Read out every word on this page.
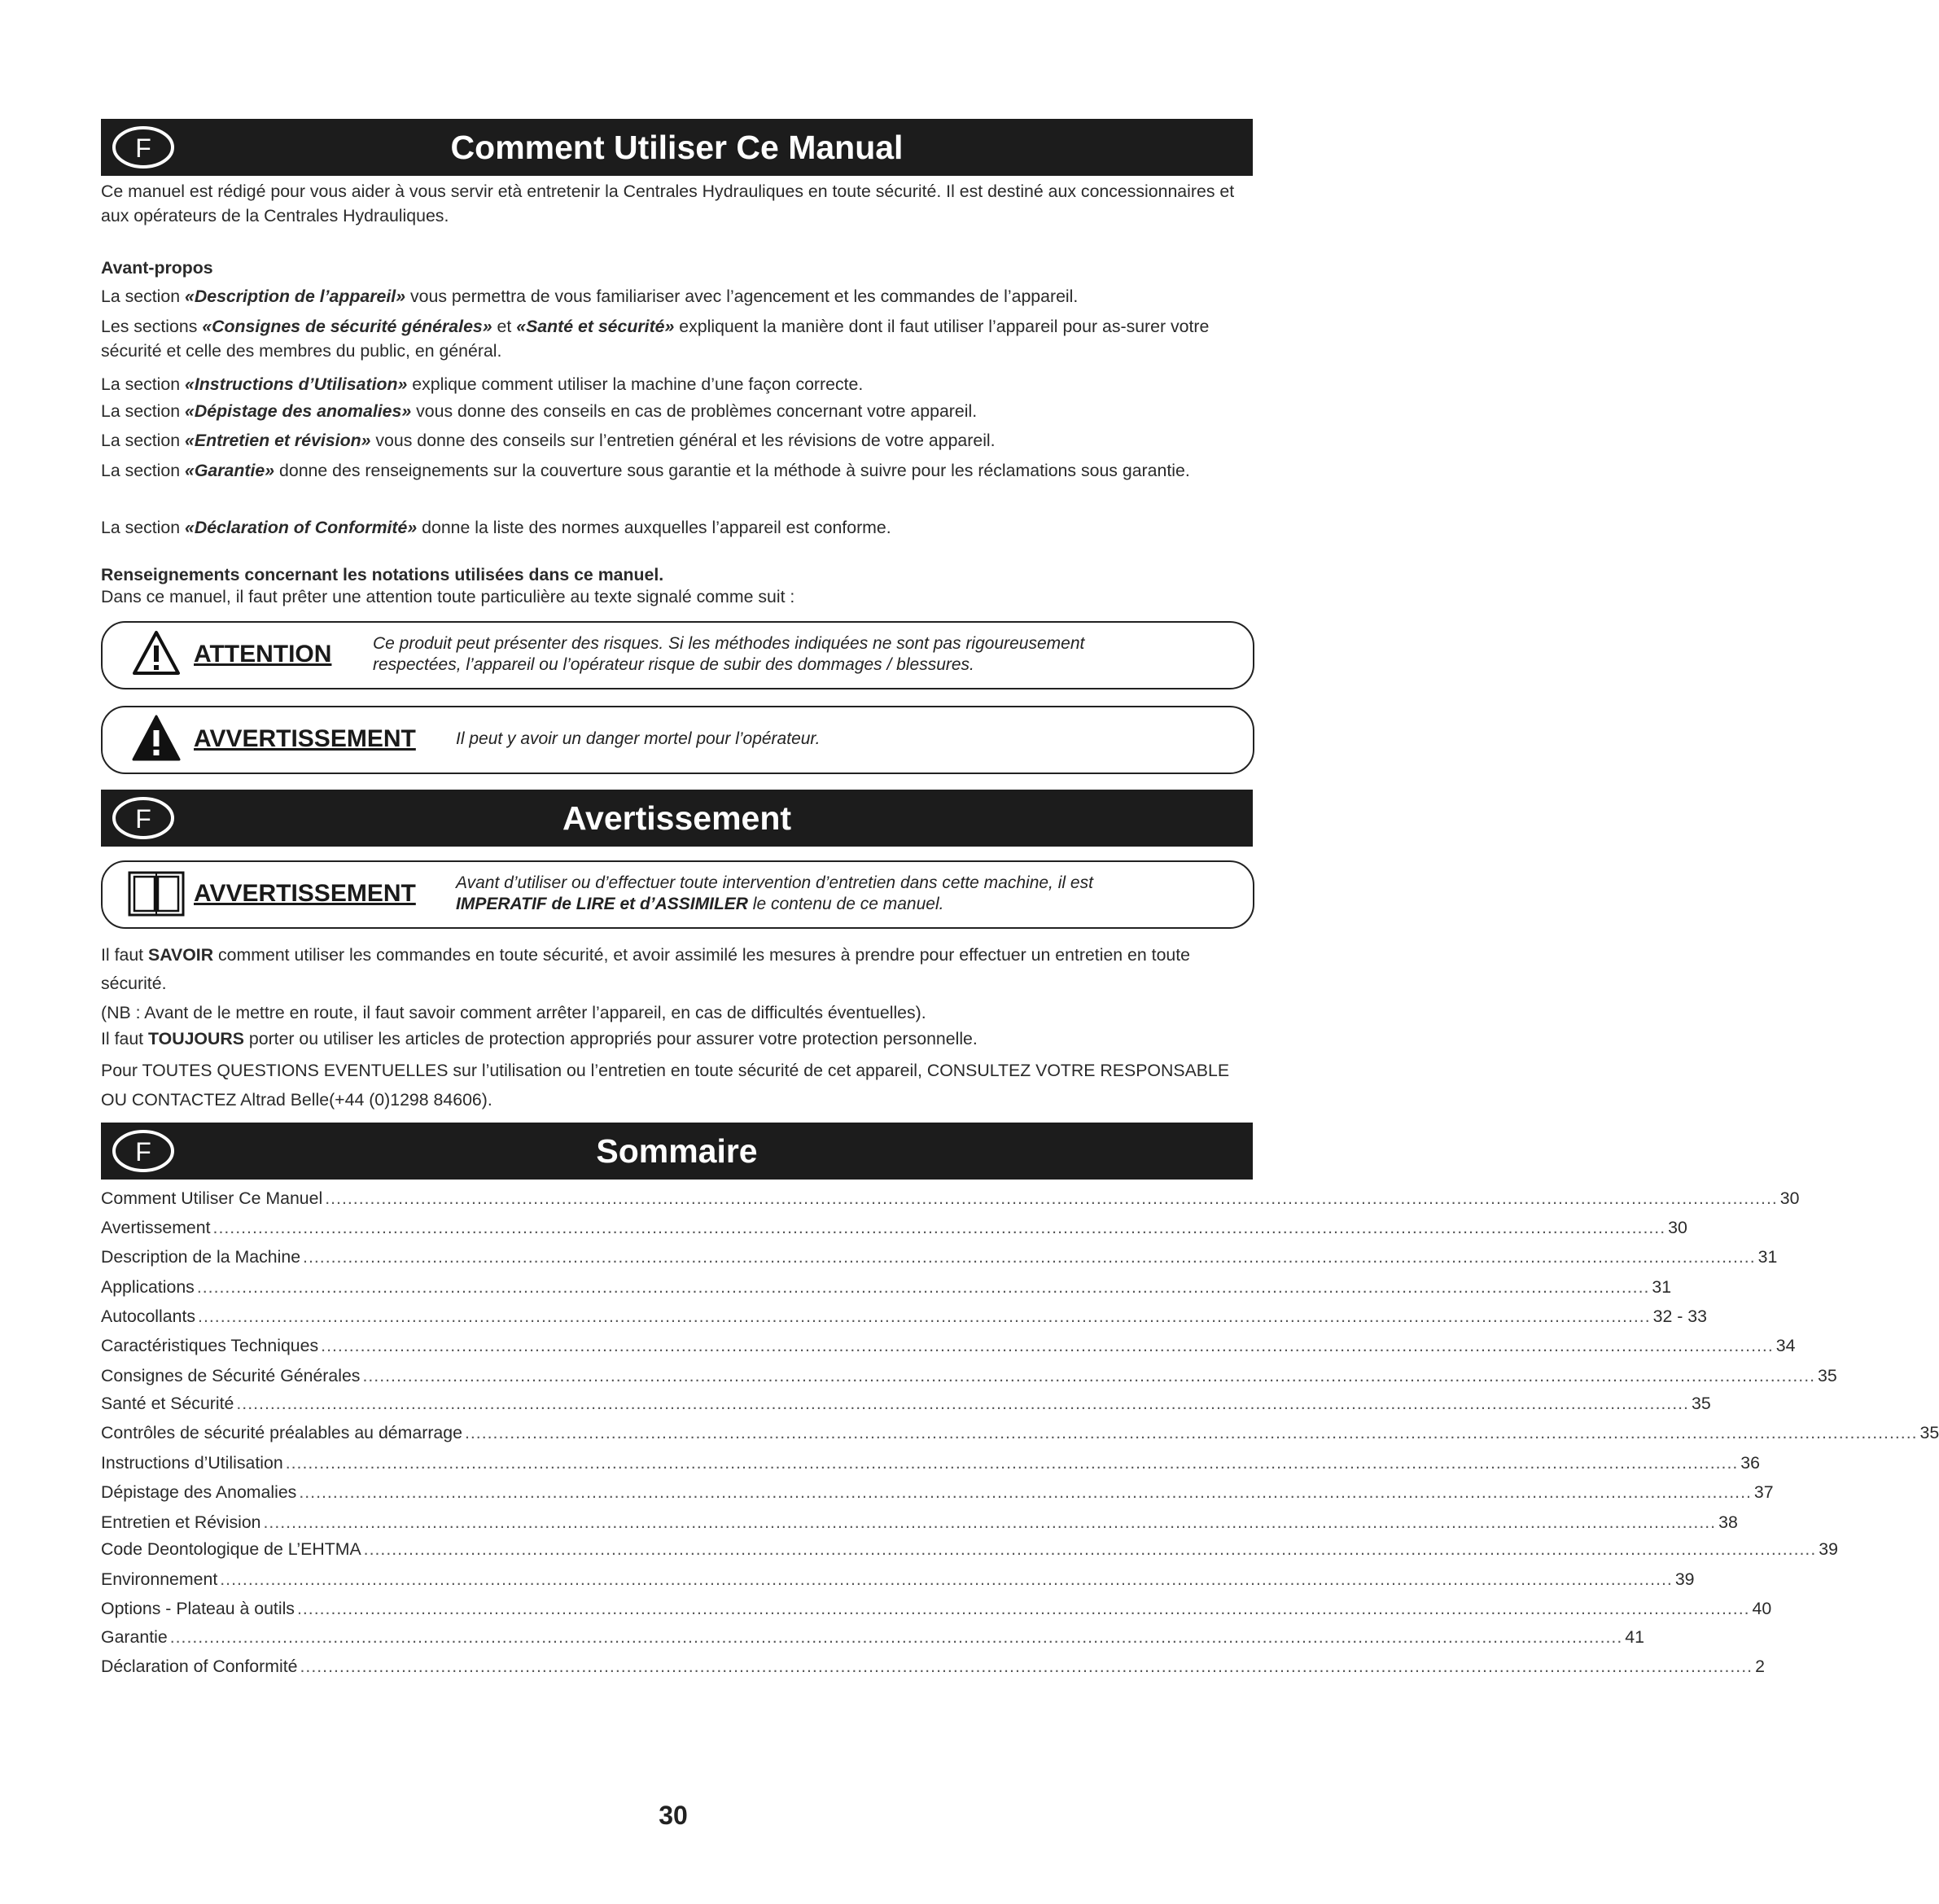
F	Comment Utiliser Ce Manual

Ce manuel est rédigé pour vous aider à vous servir età entretenir la Centrales Hydrauliques en toute sécurité. Il est destiné aux concessionnaires et aux opérateurs de la Centrales Hydrauliques.

Avant-propos

La section «Description de l’appareil» vous permettra de vous familiariser avec l’agencement et les commandes de l’appareil.

Les sections «Consignes de sécurité générales» et «Santé et sécurité» expliquent la manière dont il faut utiliser l’appareil pour as-surer votre sécurité et celle des membres du public, en général.

La section «Instructions d’Utilisation» explique comment utiliser la machine d’une façon correcte.

La section «Dépistage des anomalies» vous donne des conseils en cas de problèmes concernant votre appareil.

La section «Entretien et révision» vous donne des conseils sur l’entretien général et les révisions de votre appareil.

La section «Garantie» donne des renseignements sur la couverture sous garantie et la méthode à suivre pour les réclamations sous garantie.

La section «Déclaration of Conformité» donne la liste des normes auxquelles l’appareil est conforme.

Renseignements concernant les notations utilisées dans ce manuel.

Dans ce manuel, il faut prêter une attention toute particulière au texte signalé comme suit :

ATTENTION Ce produit peut présenter des risques. Si les méthodes indiquées ne sont pas rigoureusement
respectées, l’appareil ou l’opérateur risque de subir des dommages / blessures.
AVVERTISSEMENT Il peut y avoir un danger mortel pour l’opérateur.
F	Avertissement
AVVERTISSEMENT Avant d’utiliser ou d’effectuer toute intervention d’entretien dans cette machine, il est
IMPERATIF de LIRE et d’ASSIMILER le contenu de ce manuel.

Il faut SAVOIR comment utiliser les commandes en toute sécurité, et avoir assimilé les mesures à prendre pour effectuer un entretien en toute sécurité.

(NB : Avant de le mettre en route, il faut savoir comment arrêter l’appareil, en cas de difficultés éventuelles).

Il faut TOUJOURS porter ou utiliser les articles de protection appropriés pour assurer votre protection personnelle.

Pour TOUTES QUESTIONS EVENTUELLES sur l’utilisation ou l’entretien en toute sécurité de cet appareil, CONSULTEZ VOTRE RESPONSABLE OU CONTACTEZ Altrad Belle(+44 (0)1298 84606).

F	Sommaire
Comment Utiliser Ce Manuel .................................................................................................................................................................................................................................................................. 30
Avertissement .................................................................................................................................................................................................................................................................. 30
Description de la Machine .................................................................................................................................................................................................................................................................. 31
Applications .................................................................................................................................................................................................................................................................. 31
Autocollants .................................................................................................................................................................................................................................................................. 32 - 33
Caractéristiques Techniques .................................................................................................................................................................................................................................................................. 34
Consignes de Sécurité Générales .................................................................................................................................................................................................................................................................. 35
Santé et Sécurité .................................................................................................................................................................................................................................................................. 35
Contrôles de sécurité préalables au démarrage .................................................................................................................................................................................................................................................................. 35
Instructions d’Utilisation .................................................................................................................................................................................................................................................................. 36
Dépistage des Anomalies .................................................................................................................................................................................................................................................................. 37
Entretien et Révision .................................................................................................................................................................................................................................................................. 38
Code Deontologique de L’EHTMA .................................................................................................................................................................................................................................................................. 39
Environnement .................................................................................................................................................................................................................................................................. 39
Options - Plateau à outils .................................................................................................................................................................................................................................................................. 40
Garantie .................................................................................................................................................................................................................................................................. 41
Déclaration of Conformité .................................................................................................................................................................................................................................................................. 2
30
